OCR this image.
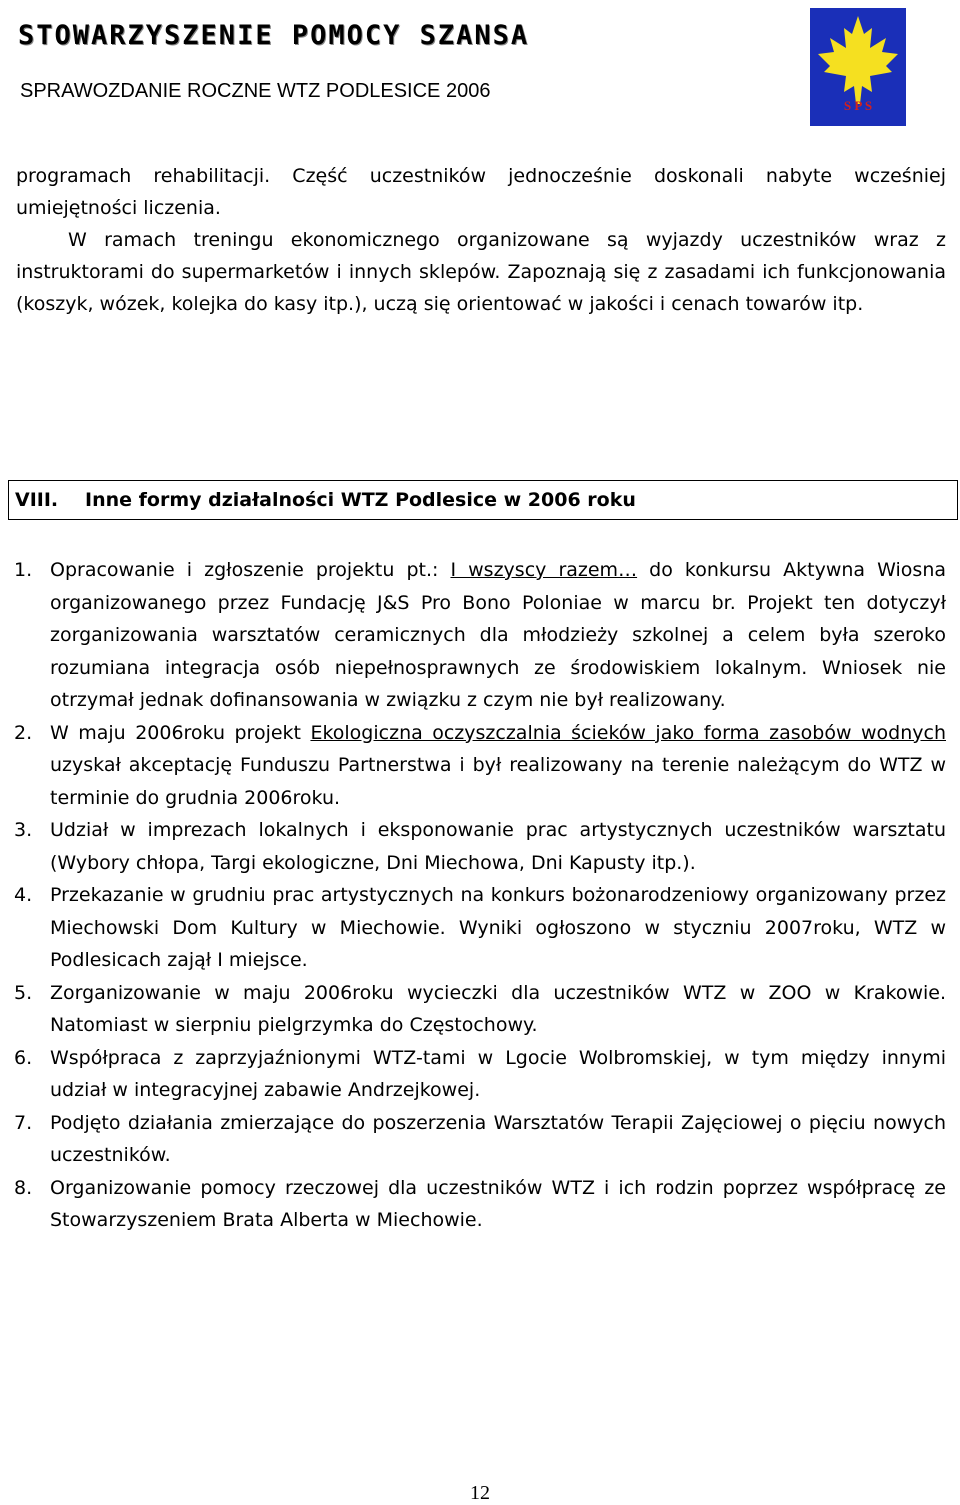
STOWARZYSZENIE POMOCY SZANSA
SPRAWOZDANIE ROCZNE WTZ PODLESICE 2006
S P S

programach rehabilitacji. Część uczestników jednocześnie doskonali nabyte wcześniej umiejętności liczenia.

W ramach treningu ekonomicznego organizowane są wyjazdy uczestników wraz z instruktorami do supermarketów i innych sklepów. Zapoznają się z zasadami ich funkcjonowania (koszyk, wózek, kolejka do kasy itp.), uczą się orientować w jakości i cenach towarów itp.

VIII. Inne formy działalności WTZ Podlesice w 2006 roku
1. Opracowanie i zgłoszenie projektu pt.: I wszyscy razem… do konkursu Aktywna Wiosna organizowanego przez Fundację J&S Pro Bono Poloniae w marcu br. Projekt ten dotyczył zorganizowania warsztatów ceramicznych dla młodzieży szkolnej a celem była szeroko rozumiana integracja osób niepełnosprawnych ze środowiskiem lokalnym. Wniosek nie otrzymał jednak dofinansowania w związku z czym nie był realizowany.
2. W maju 2006roku projekt Ekologiczna oczyszczalnia ścieków jako forma zasobów wodnych uzyskał akceptację Funduszu Partnerstwa i był realizowany na terenie należącym do WTZ w terminie do grudnia 2006roku.
3. Udział w imprezach lokalnych i eksponowanie prac artystycznych uczestników warsztatu (Wybory chłopa, Targi ekologiczne, Dni Miechowa, Dni Kapusty itp.).
4. Przekazanie w grudniu prac artystycznych na konkurs bożonarodzeniowy organizowany przez Miechowski Dom Kultury w Miechowie. Wyniki ogłoszono w styczniu 2007roku, WTZ w Podlesicach zajął I miejsce.
5. Zorganizowanie w maju 2006roku wycieczki dla uczestników WTZ w ZOO w Krakowie. Natomiast w sierpniu pielgrzymka do Częstochowy.
6. Współpraca z zaprzyjaźnionymi WTZ-tami w Lgocie Wolbromskiej, w tym między innymi udział w integracyjnej zabawie Andrzejkowej.
7. Podjęto działania zmierzające do poszerzenia Warsztatów Terapii Zajęciowej o pięciu nowych uczestników.
8. Organizowanie pomocy rzeczowej dla uczestników WTZ i ich rodzin poprzez współpracę ze Stowarzyszeniem Brata Alberta w Miechowie.
12
